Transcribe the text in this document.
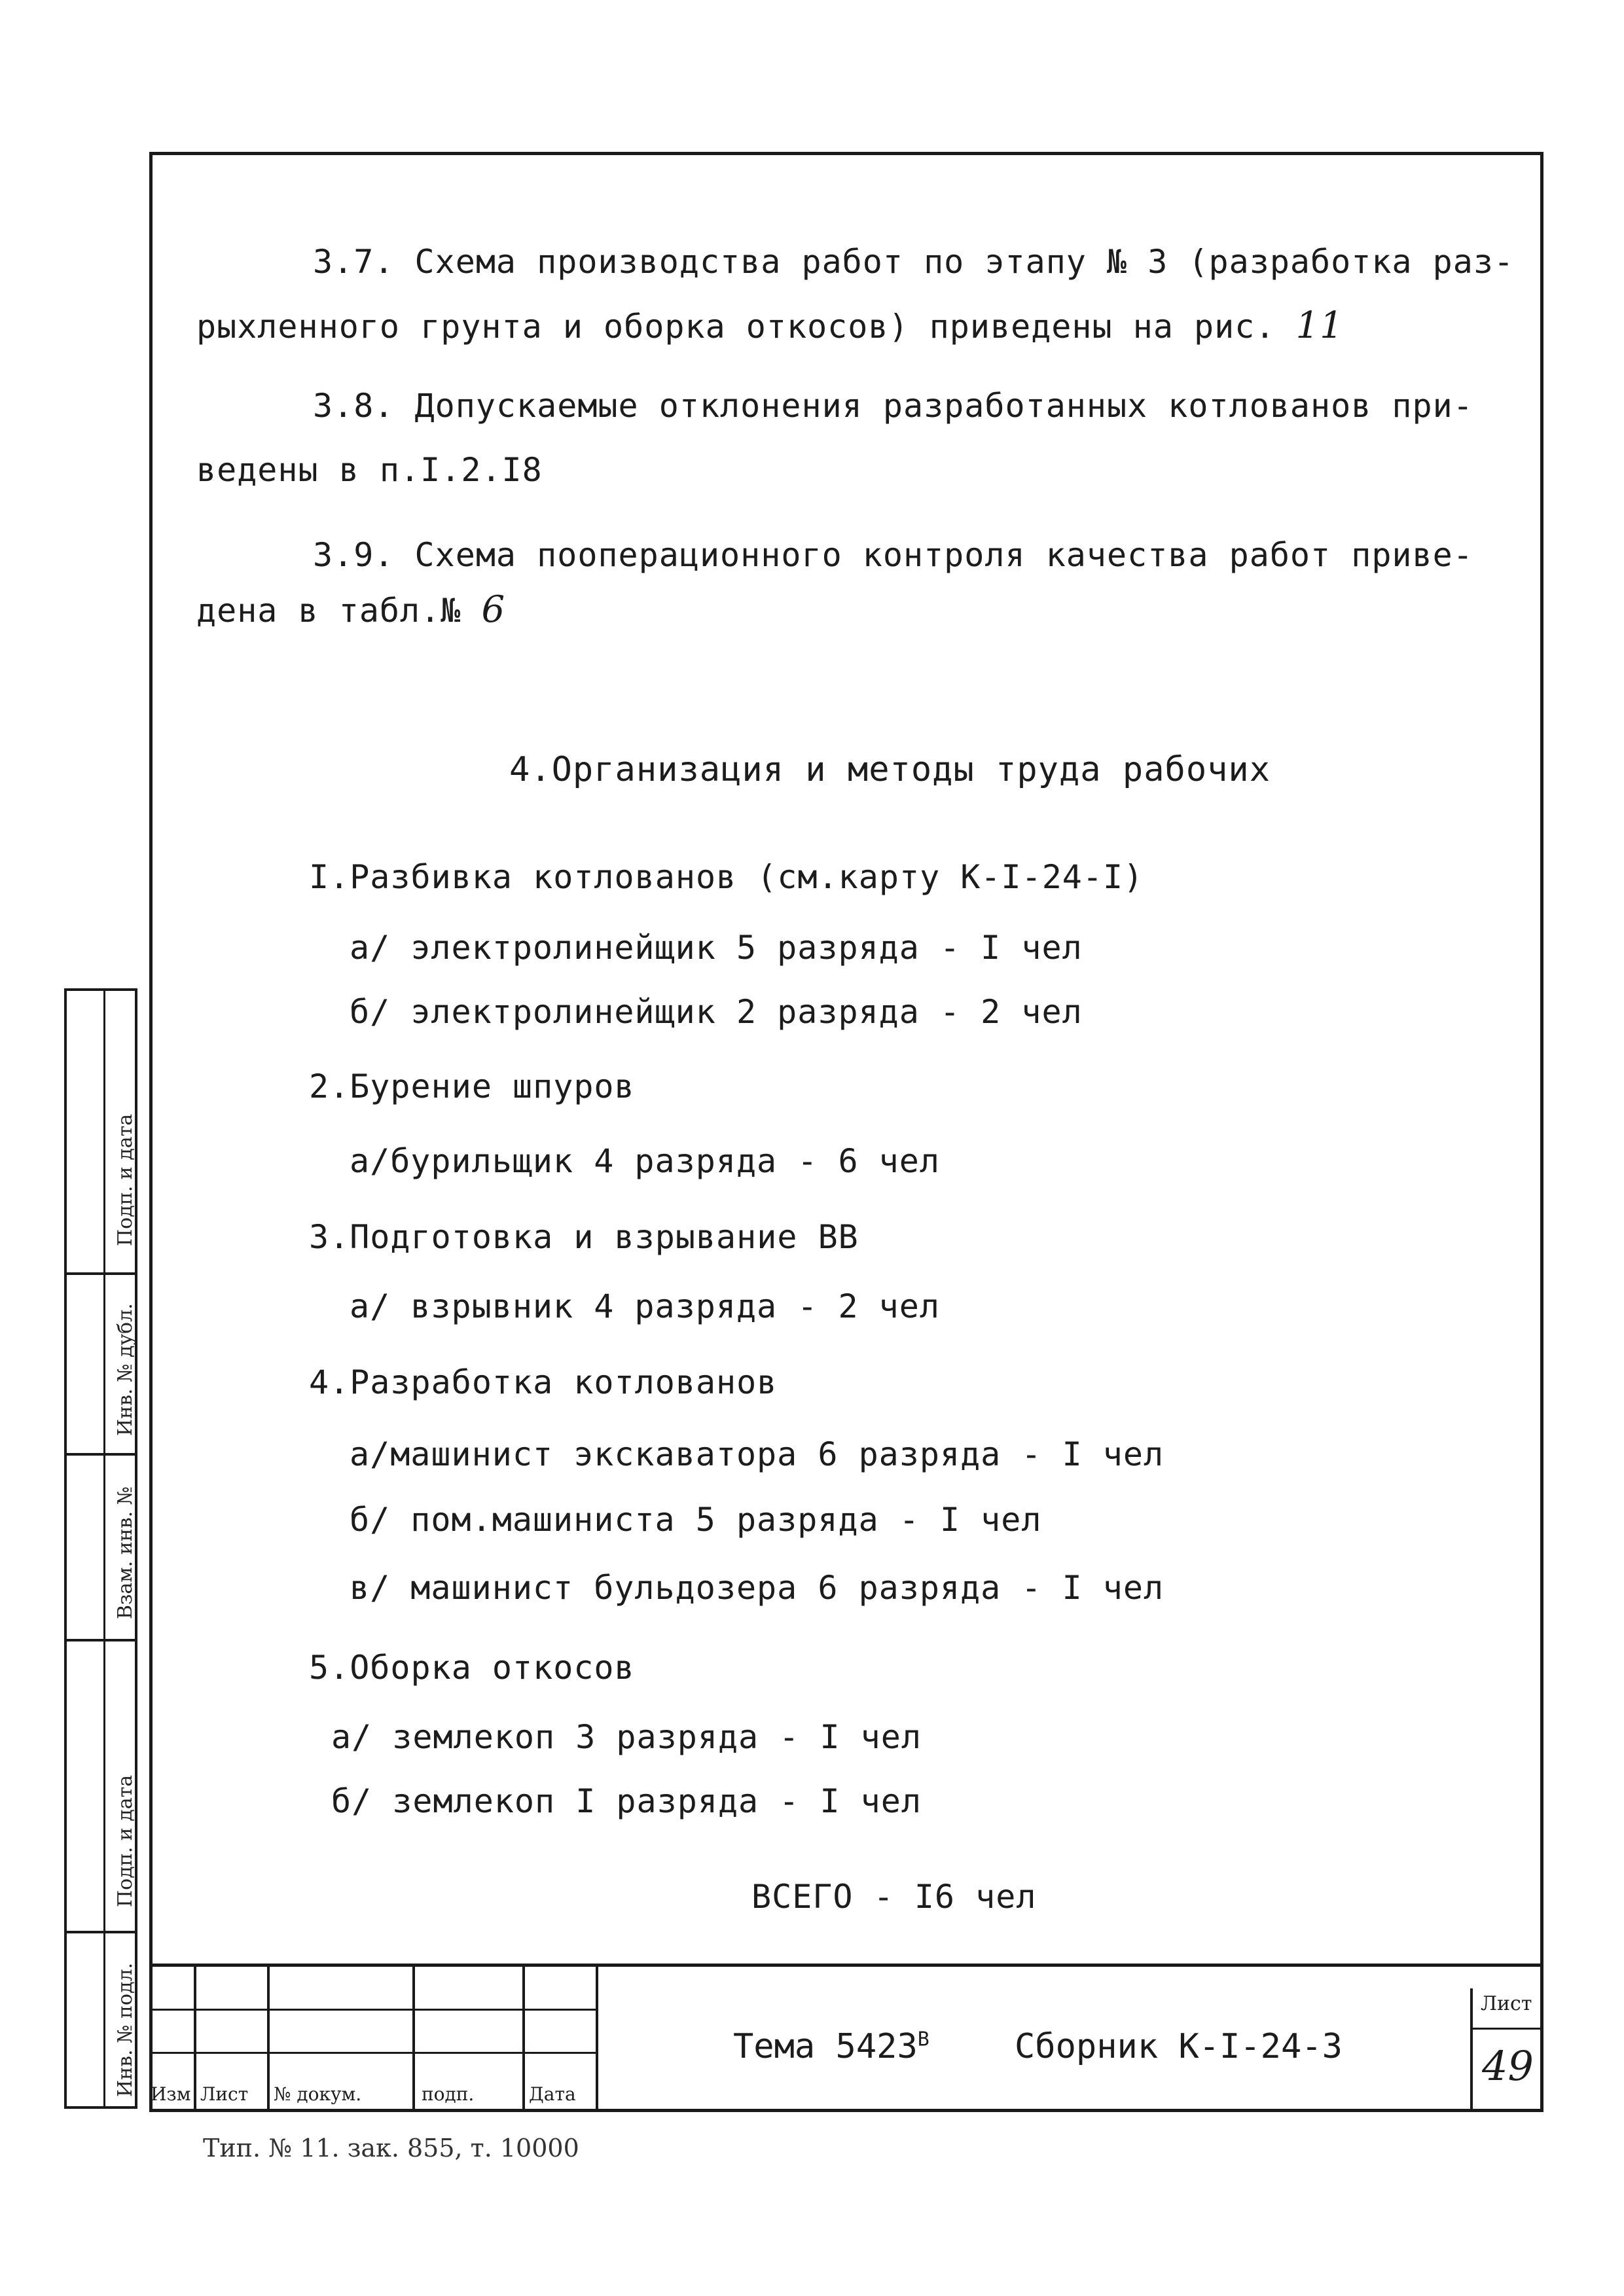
3.7. Схема производства работ по этапу № 3 (разработка раз-
рыхленного грунта и оборка откосов) приведены на рис. 11
3.8. Допускаемые отклонения разработанных котлованов при-
ведены в п.I.2.I8
3.9. Схема пооперационного контроля качества работ приве-
дена в табл.№ 6
4.Организация и методы труда рабочих
I.Разбивка котлованов (см.карту К-I-24-I)
а/ электролинейщик 5 разряда - I чел
б/ электролинейщик 2 разряда - 2 чел
2.Бурение шпуров
а/бурильщик 4 разряда - 6 чел
3.Подготовка и взрывание ВВ
а/ взрывник 4 разряда - 2 чел
4.Разработка котлованов
а/машинист экскаватора 6 разряда - I чел
б/ пом.машиниста 5 разряда - I чел
в/ машинист бульдозера 6 разряда - I чел
5.Оборка откосов
а/ землекоп 3 разряда - I чел
б/ землекоп I разряда - I чел
ВСЕГО - I6 чел
Подп. и дата
Инв. № дубл.
Взам. инв. №
Подп. и дата
Инв. № подл. Изм Лист № докум.	подп.	Дата
Тема $5423^В$	Сборник К-I-24-3
Лист
49
Тип. № 11. зак. 855, т. 10000
